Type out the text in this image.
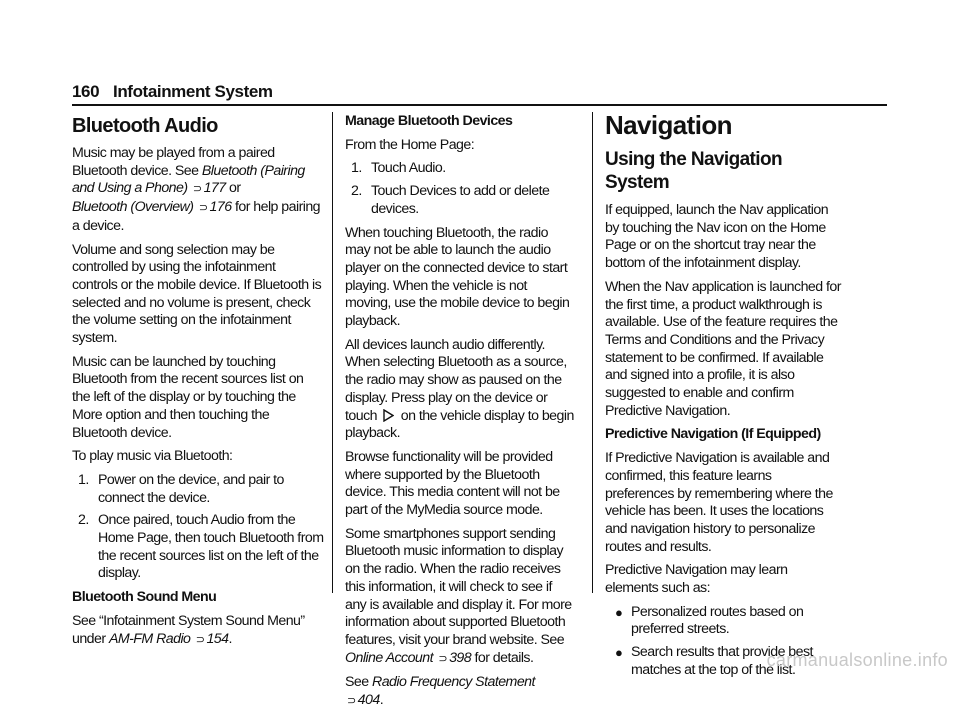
160 Infotainment System
Bluetooth Audio

Music may be played from a paired Bluetooth device. See Bluetooth (Pairing and Using a Phone) ⊃ 177 or
Bluetooth (Overview) ⊃ 176 for help pairing a device.

Volume and song selection may be controlled by using the infotainment controls or the mobile device. If Bluetooth is selected and no volume is present, check the volume setting on the infotainment system.

Music can be launched by touching Bluetooth from the recent sources list on the left of the display or by touching the More option and then touching the Bluetooth device.

To play music via Bluetooth:

1. Power on the device, and pair to connect the device.
2. Once paired, touch Audio from the Home Page, then touch Bluetooth from the recent sources list on the left of the display.

Bluetooth Sound Menu

See “Infotainment System Sound Menu” under AM-FM Radio ⊃ 154.

Manage Bluetooth Devices

From the Home Page:

1. Touch Audio.
2. Touch Devices to add or delete devices.

When touching Bluetooth, the radio may not be able to launch the audio player on the connected device to start playing. When the vehicle is not moving, use the mobile device to begin playback.

All devices launch audio differently. When selecting Bluetooth as a source, the radio may show as paused on the display. Press play on the device or touch  on the vehicle display to begin playback.

Browse functionality will be provided where supported by the Bluetooth device. This media content will not be part of the MyMedia source mode.

Some smartphones support sending Bluetooth music information to display on the radio. When the radio receives this information, it will check to see if any is available and display it. For more information about supported Bluetooth features, visit your brand website. See Online Account ⊃ 398 for details.

See Radio Frequency Statement ⊃ 404.

Navigation
Using the Navigation System

If equipped, launch the Nav application by touching the Nav icon on the Home Page or on the shortcut tray near the bottom of the infotainment display.

When the Nav application is launched for the first time, a product walkthrough is available. Use of the feature requires the Terms and Conditions and the Privacy statement to be confirmed. If available and signed into a profile, it is also suggested to enable and confirm Predictive Navigation.

Predictive Navigation (If Equipped)

If Predictive Navigation is available and confirmed, this feature learns preferences by remembering where the vehicle has been. It uses the locations and navigation history to personalize routes and results.

Predictive Navigation may learn elements such as:

● Personalized routes based on preferred streets.
● Search results that provide best matches at the top of the list.
carmanualsonline.info
